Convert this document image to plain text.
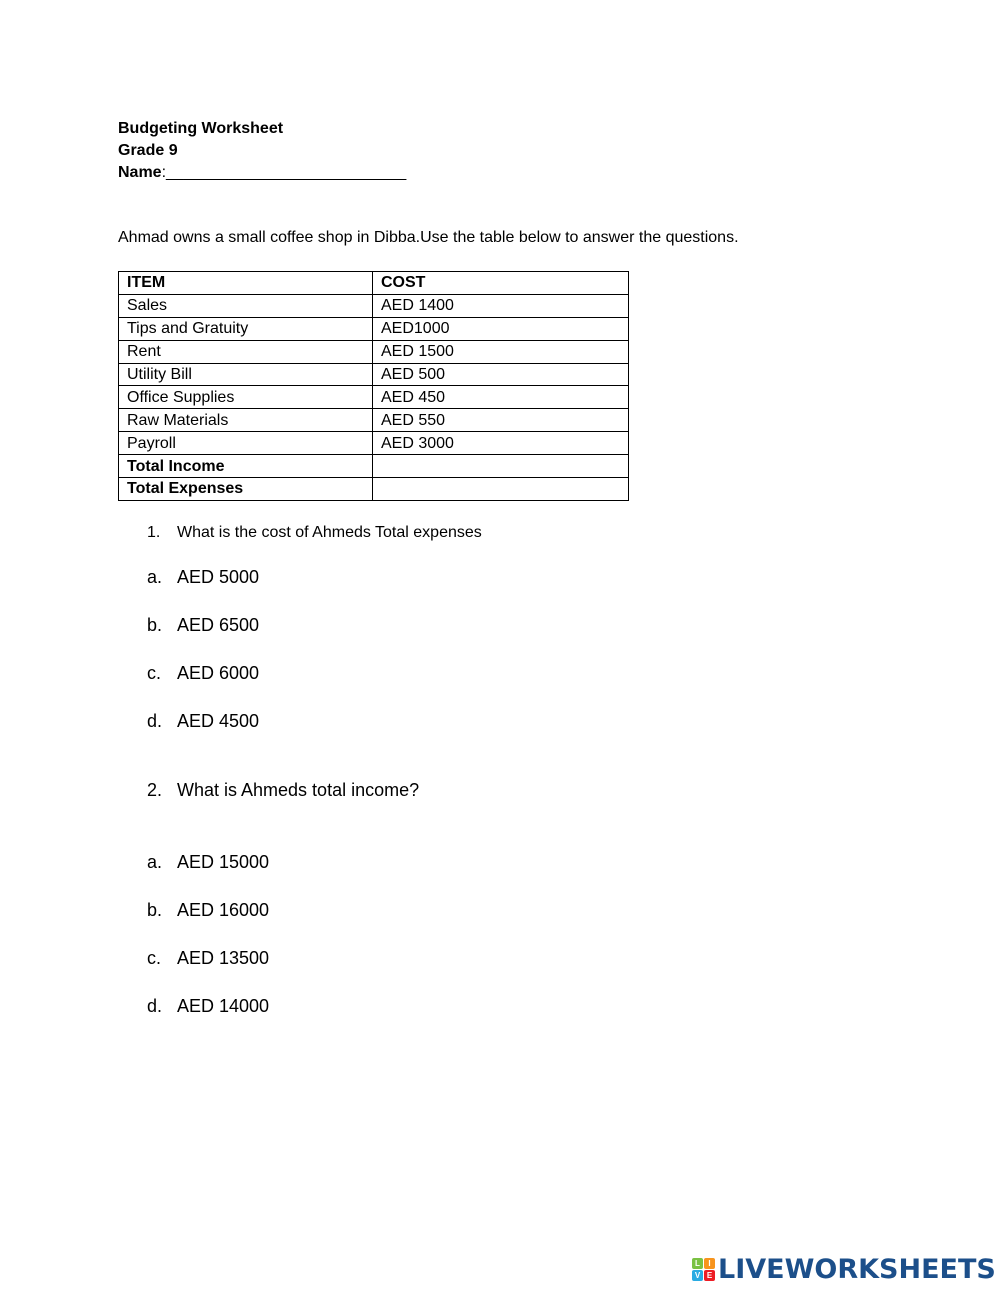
Budgeting Worksheet
Grade 9
Name:___________________________
Ahmad owns a small coffee shop in Dibba.Use the table below to answer the questions.
ITEM	COST
Sales	AED 1400
Tips and Gratuity	AED1000
Rent	AED 1500
Utility Bill	AED 500
Office Supplies	AED 450
Raw Materials	AED 550
Payroll	AED 3000
Total Income	
Total Expenses	
1. What is the cost of Ahmeds Total expenses
a. AED 5000
b. AED 6500
c. AED 6000
d. AED 4500
2. What is Ahmeds total income?
a. AED 15000
b. AED 16000
c. AED 13500
d. AED 14000
L	I
V E LIVEWORKSHEETS
